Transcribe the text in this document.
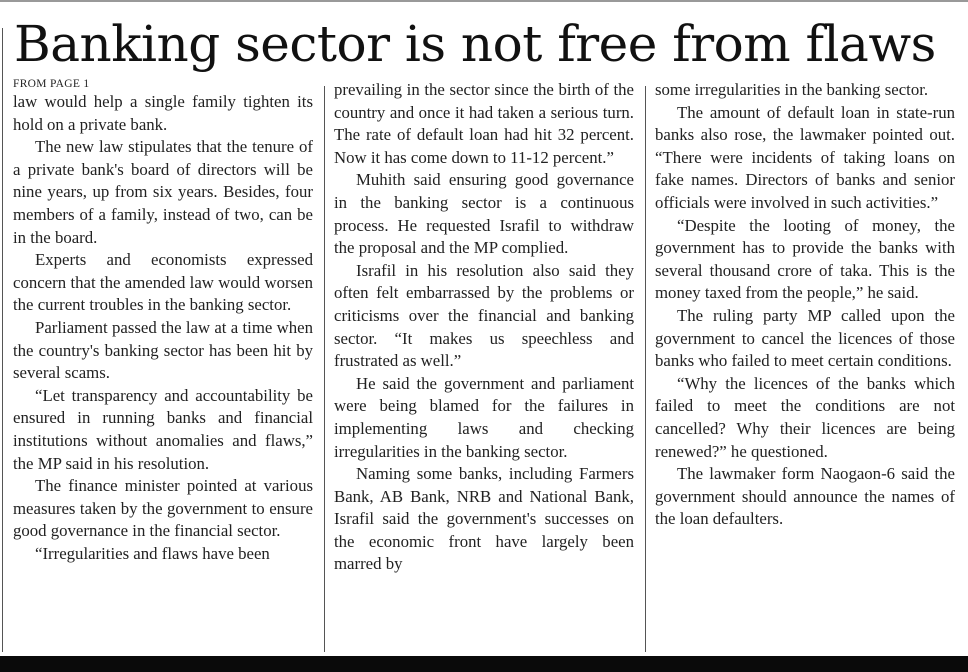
Banking sector is not free from flaws
FROM PAGE 1

law would help a single family tighten its hold on a private bank.

The new law stipulates that the tenure of a private bank's board of directors will be nine years, up from six years. Besides, four members of a family, instead of two, can be in the board.

Experts and economists expressed concern that the amended law would worsen the current troubles in the banking sector.

Parliament passed the law at a time when the country's banking sector has been hit by several scams.

“Let transparency and accountability be ensured in running banks and financial institutions without anomalies and flaws,” the MP said in his resolution.

The finance minister pointed at various measures taken by the government to ensure good governance in the financial sector.

“Irregularities and flaws have been

prevailing in the sector since the birth of the country and once it had taken a serious turn. The rate of default loan had hit 32 percent. Now it has come down to 11-12 percent.”

Muhith said ensuring good governance in the banking sector is a continuous process. He requested Israfil to withdraw the proposal and the MP complied.

Israfil in his resolution also said they often felt embarrassed by the problems or criticisms over the financial and banking sector. “It makes us speechless and frustrated as well.”

He said the government and parliament were being blamed for the failures in implementing laws and checking irregularities in the banking sector.

Naming some banks, including Farmers Bank, AB Bank, NRB and National Bank, Israfil said the government's successes on the economic front have largely been marred by

some irregularities in the banking sector.

The amount of default loan in state-run banks also rose, the lawmaker pointed out. “There were incidents of taking loans on fake names. Directors of banks and senior officials were involved in such activities.”

“Despite the looting of money, the government has to provide the banks with several thousand crore of taka. This is the money taxed from the people,” he said.

The ruling party MP called upon the government to cancel the licences of those banks who failed to meet certain conditions.

“Why the licences of the banks which failed to meet the conditions are not cancelled? Why their licences are being renewed?” he questioned.

The lawmaker form Naogaon-6 said the government should announce the names of the loan defaulters.
